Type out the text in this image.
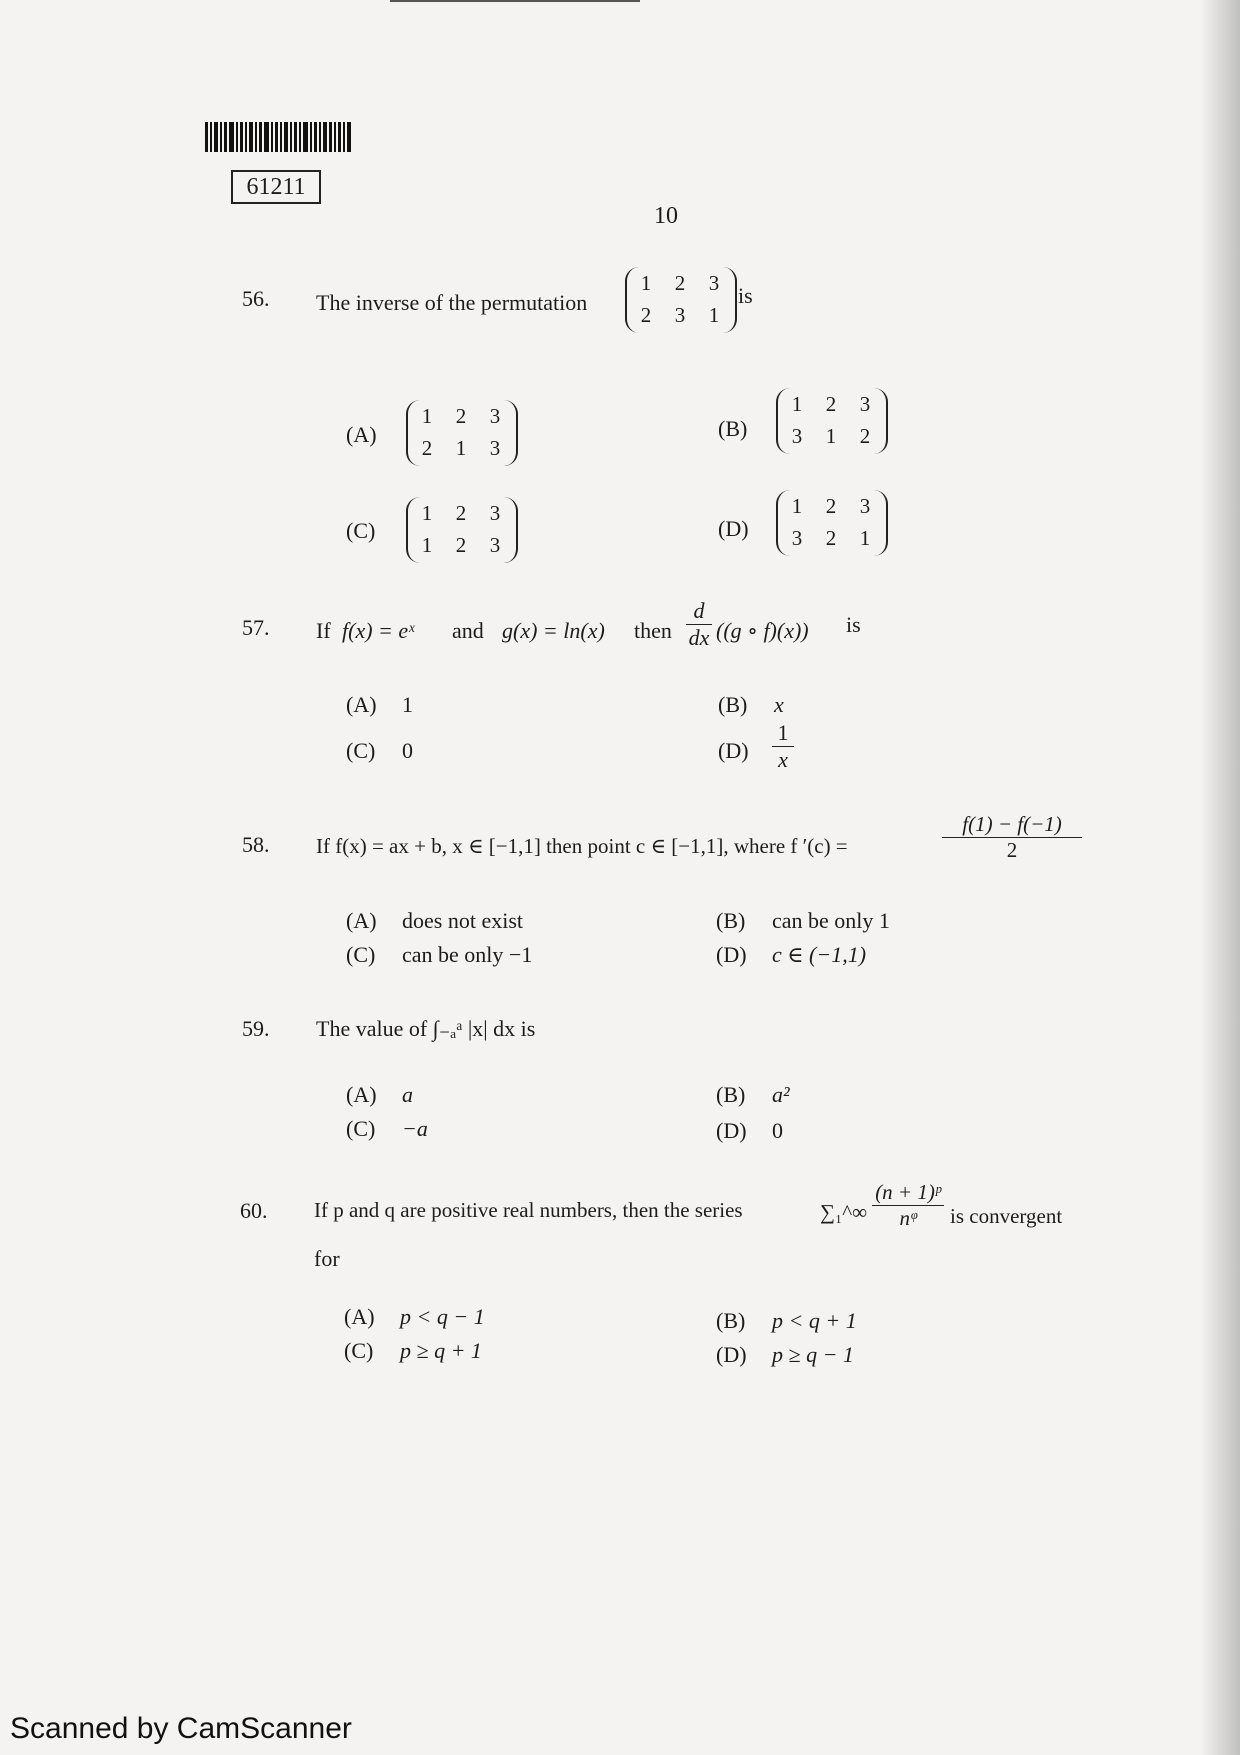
61211
10
56. The inverse of the permutation
1	2	3
2	3	1
is
(A)
1	2	3
2	1	3
(B)
1	2	3
3	1	2
(C)
1	2	3
1	2	3
(D)
1	2	3
3	2	1
57. If f(x) = eˣ and g(x) = ln(x) then $\frac{d}{dx} ((g$ ∘ f)(x)) is
(A) 1	(B) x
(C) 0	$(D) \frac{1}{x}$
58. If f(x) = ax + b, x ∈ [−1,1] then point c ∈ [−1,1], where f ′(c) =	$\frac{f(1) - f(-1)}{2}$
(A) does not exist	(B) can be only 1
(C) can be only −1	(D) c ∈ (−1,1)
59. The value of ∫₋ₐᵃ |x| dx is
(A) a	(B) a²
(C) −a	(D) 0
60. If p and q are positive real numbers, then the series	∑₁^∞ $\frac{\text{(n + 1)ᵖ}}{\text{nᵠ}}$ is convergent
for
(A) p < q − 1	(B) p < q + 1
(C) p ≥ q + 1	(D) p ≥ q − 1
Scanned by CamScanner
